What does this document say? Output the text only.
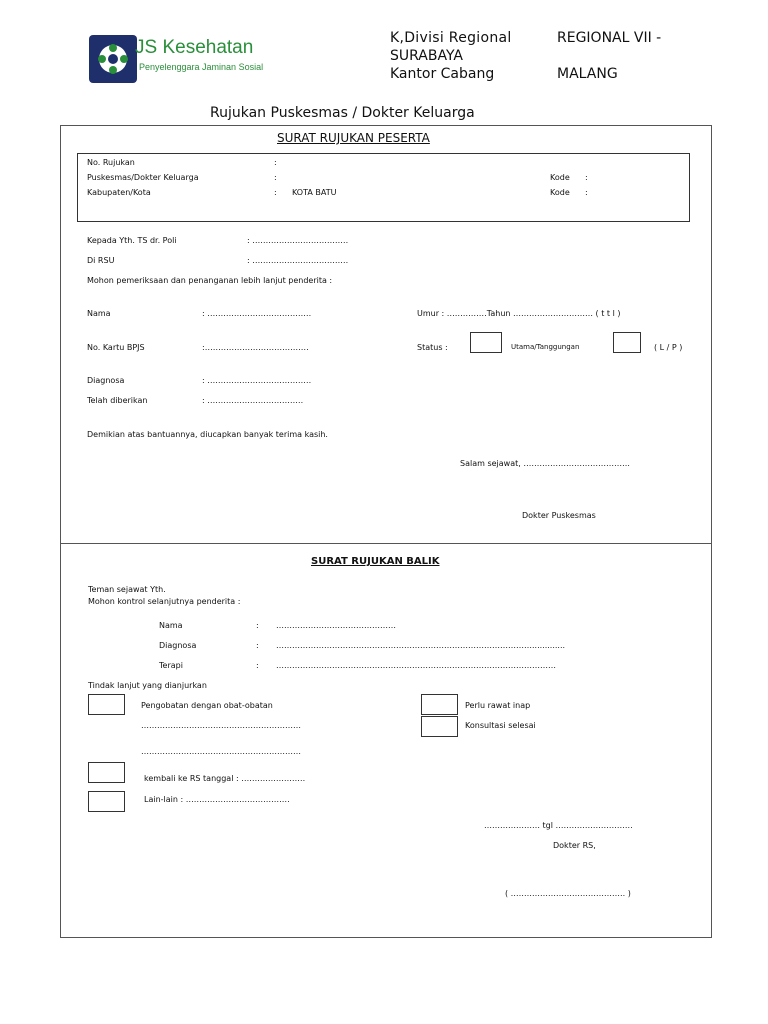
JS Kesehatan
Penyelenggara Jaminan Sosial
K,Divisi Regional	REGIONAL VII -
SURABAYA
Kantor Cabang	MALANG
Rujukan Puskesmas / Dokter Keluarga
SURAT RUJUKAN PESERTA
No. Rujukan	:
Puskesmas/Dokter Keluarga	:	Kode :
Kabupaten/Kota	: KOTA BATU	Kode :
Kepada Yth. TS dr. Poli	: ………………………………
Di RSU	: ………………………………
Mohon pemeriksaan dan penanganan lebih lanjut penderita :
Nama	: …………………………………	Umur : ……………Tahun ………………………… ( t t l )
No. Kartu BPJS	:…………………………………	Status :	Utama/Tanggungan	( L / P )
Diagnosa	: …………………………………
Telah diberikan	: ………………………………
Demikian atas bantuannya, diucapkan banyak terima kasih.
Salam sejawat, ………………………………….
Dokter Puskesmas
SURAT RUJUKAN BALIK
Teman sejawat Yth.
Mohon kontrol selanjutnya penderita :
Nama	: ………………………………………
Diagnosa	: …………………………………………………………………………………….............
Terapi	: ……………………………………………………………………………………………
Tindak lanjut yang dianjurkan
Pengobatan dengan obat-obatan
……………………………………………………
……………………………………………………
Perlu rawat inap
Konsultasi selesai
kembali ke RS tanggal : ……………………
Lain-lain : …………………………………
………………… tgl ………………………..
Dokter RS,
( ……………………………………. )
